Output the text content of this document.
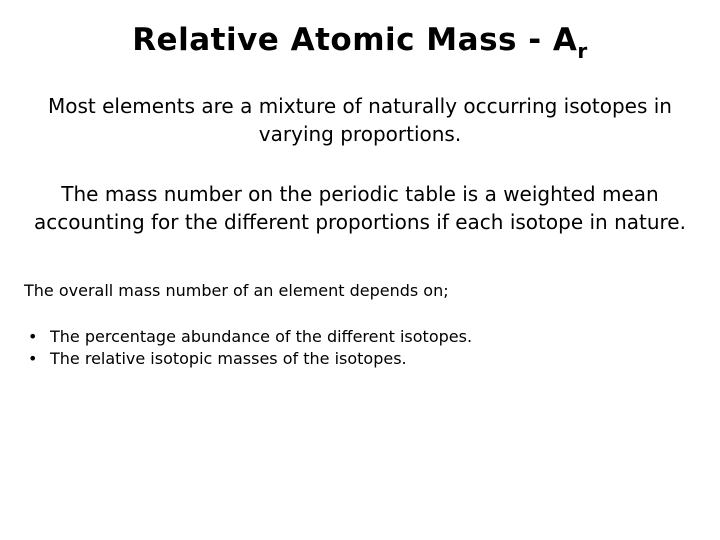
Relative Atomic Mass - $A_r$
Most elements are a mixture of naturally occurring isotopes in varying proportions.
The mass number on the periodic table is a weighted mean accounting for the different proportions if each isotope in nature.
The overall mass number of an element depends on;
• The percentage abundance of the different isotopes.
• The relative isotopic masses of the isotopes.
